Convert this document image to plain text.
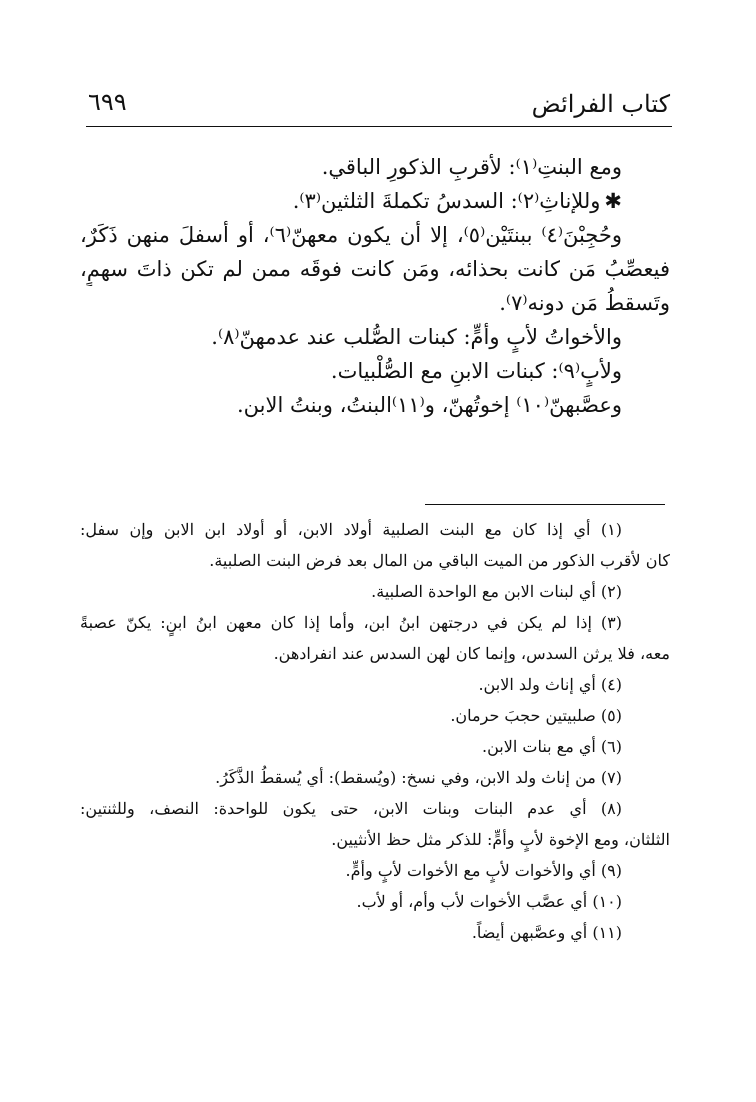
كتاب الفرائض
٦٩٩
ومع البنتِ⁽١⁾: لأقربِ الذكورِ الباقي.
✱وللإناثِ⁽٢⁾: السدسُ تكملةَ الثلثين⁽٣⁾.
وحُجِبْنَ⁽٤⁾ ببنتَيْن⁽٥⁾، إلا أن يكون معهنّ⁽٦⁾، أو أسفلَ منهن ذَكَرٌ،
فيعصِّبُ مَن كانت بحذائه، ومَن كانت فوقَه ممن لم تكن ذاتَ سهمٍ،
وتَسقطُ مَن دونه⁽٧⁾.
والأخواتُ لأبٍ وأمٍّ: كبنات الصُّلب عند عدمهنّ⁽٨⁾.
ولأبٍ⁽٩⁾: كبنات الابنِ مع الصُّلْبيات.
وعصَّبهنّ⁽١٠⁾ إخوتُهنّ، و⁽١١⁾البنتُ، وبنتُ الابن.
(١) أي إذا كان مع البنت الصلبية أولاد الابن، أو أولاد ابن الابن وإن سفل:
كان لأقرب الذكور من الميت الباقي من المال بعد فرض البنت الصلبية.
(٢) أي لبنات الابن مع الواحدة الصلبية.
(٣) إذا لم يكن في درجتهن ابنُ ابن، وأما إذا كان معهن ابنُ ابنٍ: يكنّ عصبةً
معه، فلا يرثن السدس، وإنما كان لهن السدس عند انفرادهن.
(٤) أي إناث ولد الابن.
(٥) صلبيتين حجبَ حرمان.
(٦) أي مع بنات الابن.
(٧) من إناث ولد الابن، وفي نسخ: (ويُسقط): أي يُسقطُ الذَّكَرُ.
(٨) أي عدم البنات وبنات الابن، حتى يكون للواحدة: النصف، وللثنتين:
الثلثان، ومع الإخوة لأبٍ وأمٍّ: للذكر مثل حظ الأنثيين.
(٩) أي والأخوات لأبٍ مع الأخوات لأبٍ وأمٍّ.
(١٠) أي عصَّب الأخوات لأب وأم، أو لأب.
(١١) أي وعصَّبهن أيضاً.
